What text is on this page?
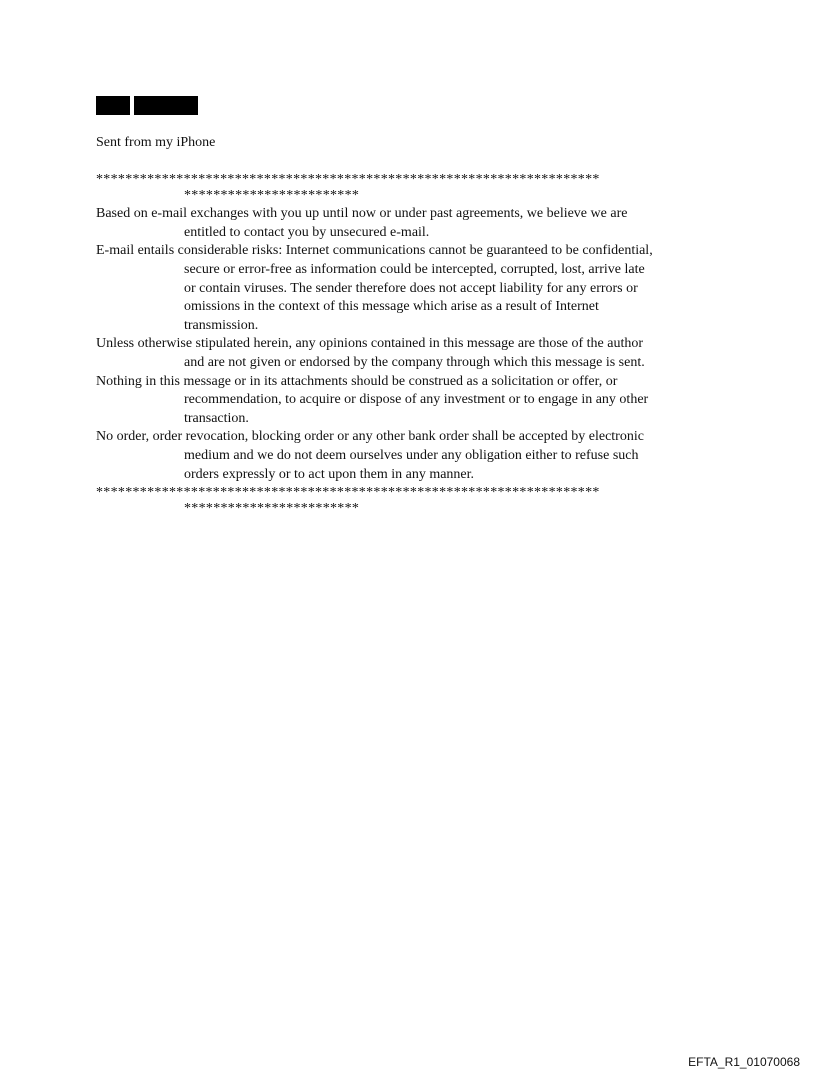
Sent from my iPhone
*********************************************************************
************************

Based on e-mail exchanges with you up until now or under past agreements, we believe we are entitled to contact you by unsecured e-mail.

E-mail entails considerable risks: Internet communications cannot be guaranteed to be confidential, secure or error-free as information could be intercepted, corrupted, lost, arrive late or contain viruses. The sender therefore does not accept liability for any errors or omissions in the context of this message which arise as a result of Internet transmission.

Unless otherwise stipulated herein, any opinions contained in this message are those of the author and are not given or endorsed by the company through which this message is sent.

Nothing in this message or in its attachments should be construed as a solicitation or offer, or recommendation, to acquire or dispose of any investment or to engage in any other transaction.

No order, order revocation, blocking order or any other bank order shall be accepted by electronic medium and we do not deem ourselves under any obligation either to refuse such orders expressly or to act upon them in any manner.

*********************************************************************
************************
EFTA_R1_01070068
